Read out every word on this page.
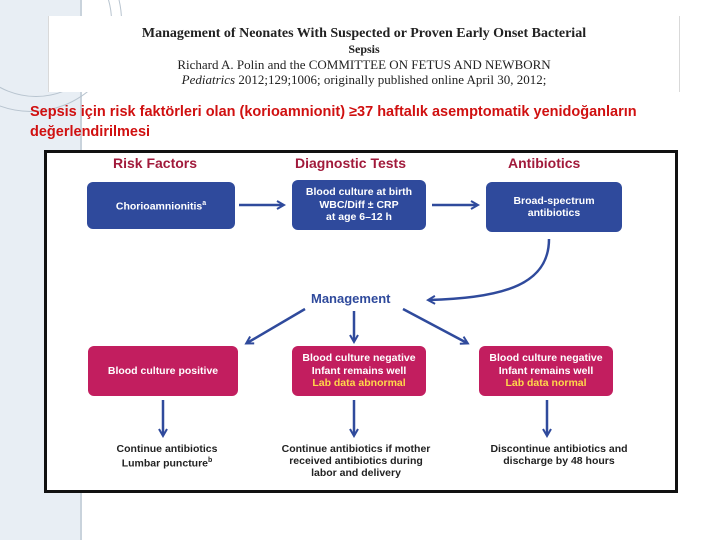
Management of Neonates With Suspected or Proven Early Onset Bacterial
Sepsis
Richard A. Polin and the COMMITTEE ON FETUS AND NEWBORN
Pediatrics 2012;129;1006; originally published online April 30, 2012;
Sepsis için risk faktörleri olan (korioamnionit) ≥37 haftalık asemptomatik yenidoğanların değerlendirilmesi
Risk Factors	Diagnostic Tests	Antibiotics
Chorioamnionitis$^a$
Blood culture at birth
WBC/Diff ± CRP
at age 6–12 h
Broad-spectrum
antibiotics
Management
Blood culture positive
Blood culture negative
Infant remains well
Lab data abnormal
Blood culture negative
Infant remains well
Lab data normal
Continue antibiotics
Lumbar puncture$^b$
Continue antibiotics if mother
received antibiotics during
labor and delivery
Discontinue antibiotics and
discharge by 48 hours
